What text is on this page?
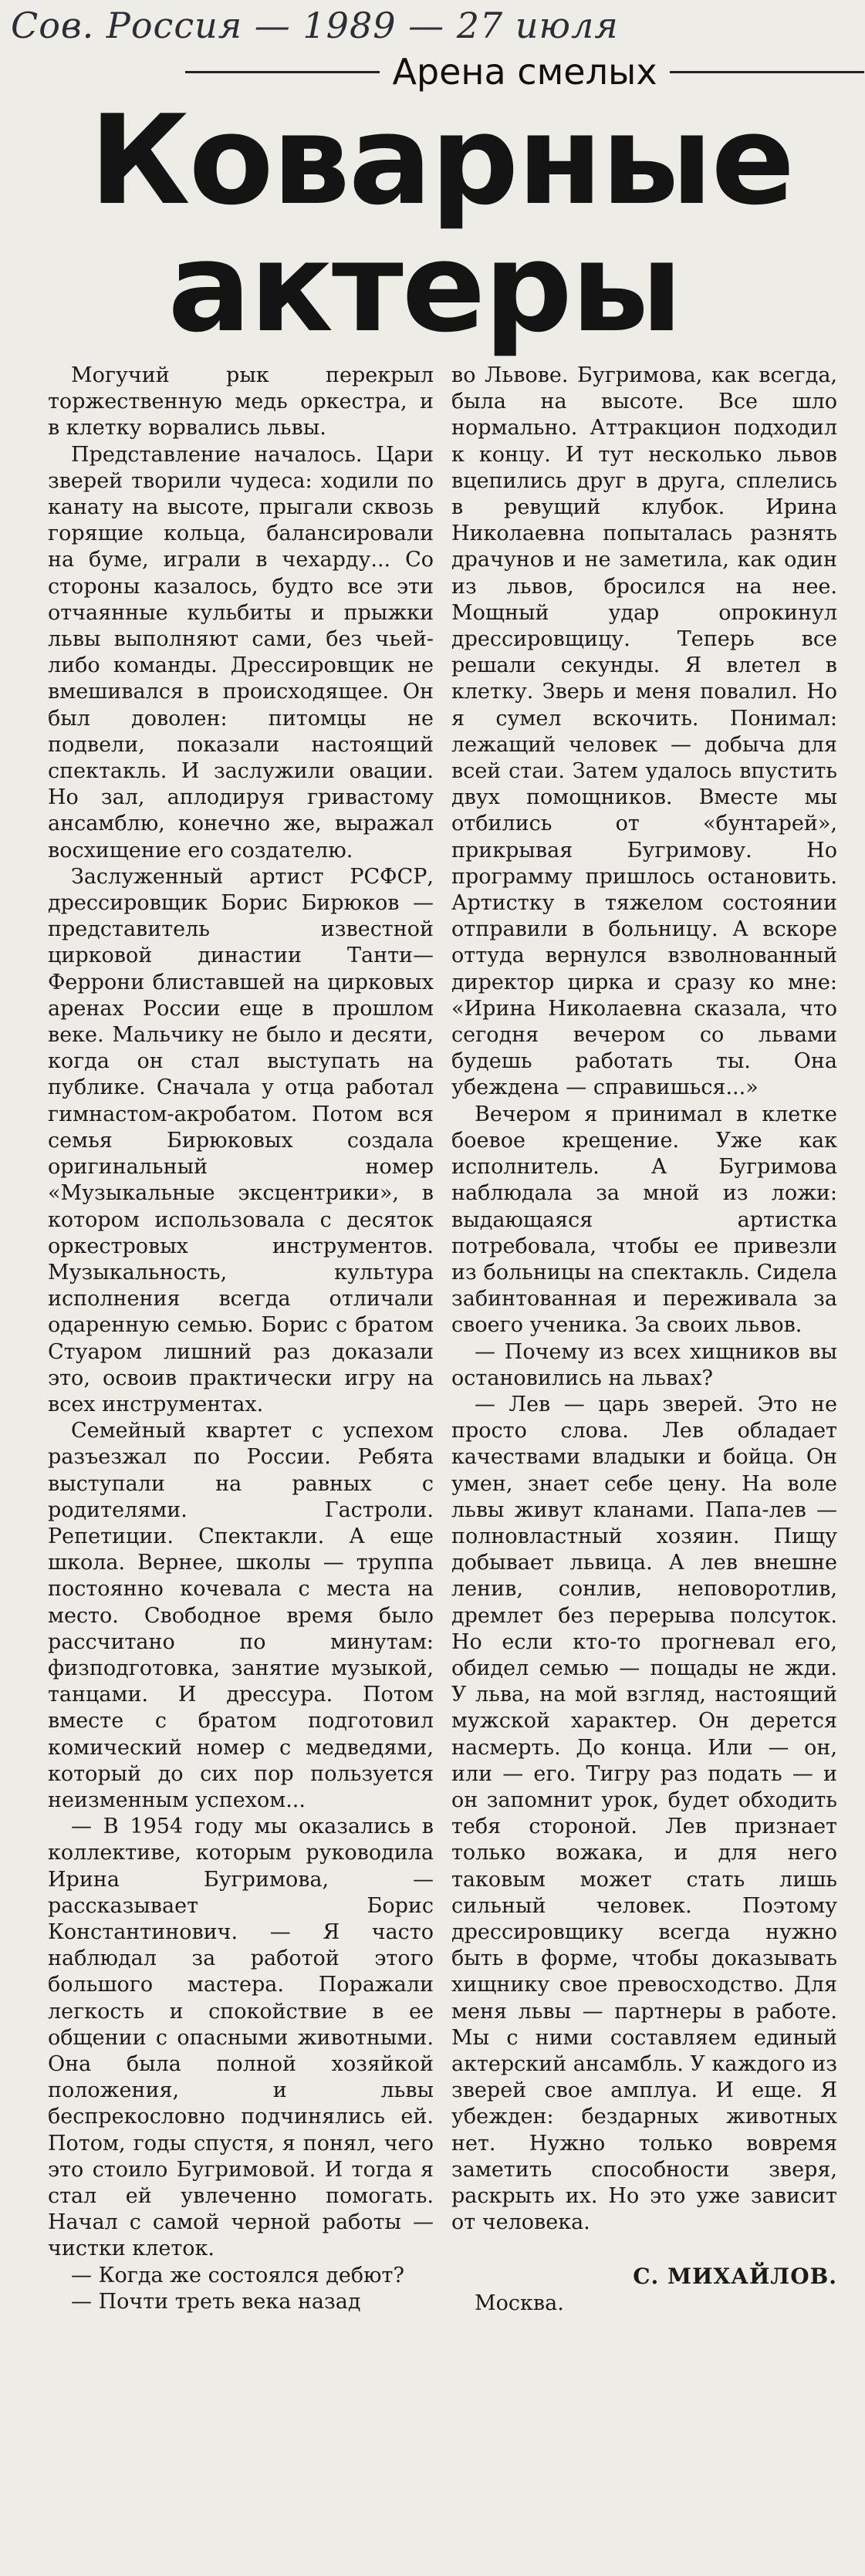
Сов. Россия — 1989 — 27 июля
Арена смелых
Коварные
актеры

Могучий рык перекрыл торжественную медь оркестра, и в клетку ворвались львы.

Представление началось. Цари зверей творили чудеса: ходили по канату на высоте, прыгали сквозь горящие кольца, балансировали на буме, играли в чехарду... Со стороны казалось, будто все эти отчаянные кульбиты и прыжки львы выполняют сами, без чьей-либо команды. Дрессировщик не вмешивался в происходящее. Он был доволен: питомцы не подвели, показали настоящий спектакль. И заслужили овации. Но зал, аплодируя гривастому ансамблю, конечно же, выражал восхищение его создателю.

Заслуженный артист РСФСР, дрессировщик Борис Бирюков — представитель известной цирковой династии Танти—Феррони блиставшей на цирковых аренах России еще в прошлом веке. Мальчику не было и десяти, когда он стал выступать на публике. Сначала у отца работал гимнастом-акробатом. Потом вся семья Бирюковых создала оригинальный номер «Музыкальные эксцентрики», в котором использовала с десяток оркестровых инструментов. Музыкальность, культура исполнения всегда отличали одаренную семью. Борис с братом Стуаром лишний раз доказали это, освоив практически игру на всех инструментах.

Семейный квартет с успехом разъезжал по России. Ребята выступали на равных с родителями. Гастроли. Репетиции. Спектакли. А еще школа. Вернее, школы — труппа постоянно кочевала с места на место. Свободное время было рассчитано по минутам: физподготовка, занятие музыкой, танцами. И дрессура. Потом вместе с братом подготовил комический номер с медведями, который до сих пор пользуется неизменным успехом...

— В 1954 году мы оказались в коллективе, которым руководила Ирина Бугримова, — рассказывает Борис Константинович. — Я часто наблюдал за работой этого большого мастера. Поражали легкость и спокойствие в ее общении с опасными животными. Она была полной хозяйкой положения, и львы беспрекословно подчинялись ей. Потом, годы спустя, я понял, чего это стоило Бугримовой. И тогда я стал ей увлеченно помогать. Начал с самой черной работы — чистки клеток.

— Когда же состоялся дебют?

— Почти треть века назад

во Львове. Бугримова, как всегда, была на высоте. Все шло нормально. Аттракцион подходил к концу. И тут несколько львов вцепились друг в друга, сплелись в ревущий клубок. Ирина Николаевна попыталась разнять драчунов и не заметила, как один из львов, бросился на нее. Мощный удар опрокинул дрессировщицу. Теперь все решали секунды. Я влетел в клетку. Зверь и меня повалил. Но я сумел вскочить. Понимал: лежащий человек — добыча для всей стаи. Затем удалось впустить двух помощников. Вместе мы отбились от «бунтарей», прикрывая Бугримову. Но программу пришлось остановить. Артистку в тяжелом состоянии отправили в больницу. А вскоре оттуда вернулся взволнованный директор цирка и сразу ко мне: «Ирина Николаевна сказала, что сегодня вечером со львами будешь работать ты. Она убеждена — справишься...»

Вечером я принимал в клетке боевое крещение. Уже как исполнитель. А Бугримова наблюдала за мной из ложи: выдающаяся артистка потребовала, чтобы ее привезли из больницы на спектакль. Сидела забинтованная и переживала за своего ученика. За своих львов.

— Почему из всех хищников вы остановились на львах?

— Лев — царь зверей. Это не просто слова. Лев обладает качествами владыки и бойца. Он умен, знает себе цену. На воле львы живут кланами. Папа-лев — полновластный хозяин. Пищу добывает львица. А лев внешне ленив, сонлив, неповоротлив, дремлет без перерыва полсуток. Но если кто-то прогневал его, обидел семью — пощады не жди. У льва, на мой взгляд, настоящий мужской характер. Он дерется насмерть. До конца. Или — он, или — его. Тигру раз подать — и он запомнит урок, будет обходить тебя стороной. Лев признает только вожака, и для него таковым может стать лишь сильный человек. Поэтому дрессировщику всегда нужно быть в форме, чтобы доказывать хищнику свое превосходство. Для меня львы — партнеры в работе. Мы с ними составляем единый актерский ансамбль. У каждого из зверей свое амплуа. И еще. Я убежден: бездарных животных нет. Нужно только вовремя заметить способности зверя, раскрыть их. Но это уже зависит от человека.

С. МИХАЙЛОВ.
Москва.
